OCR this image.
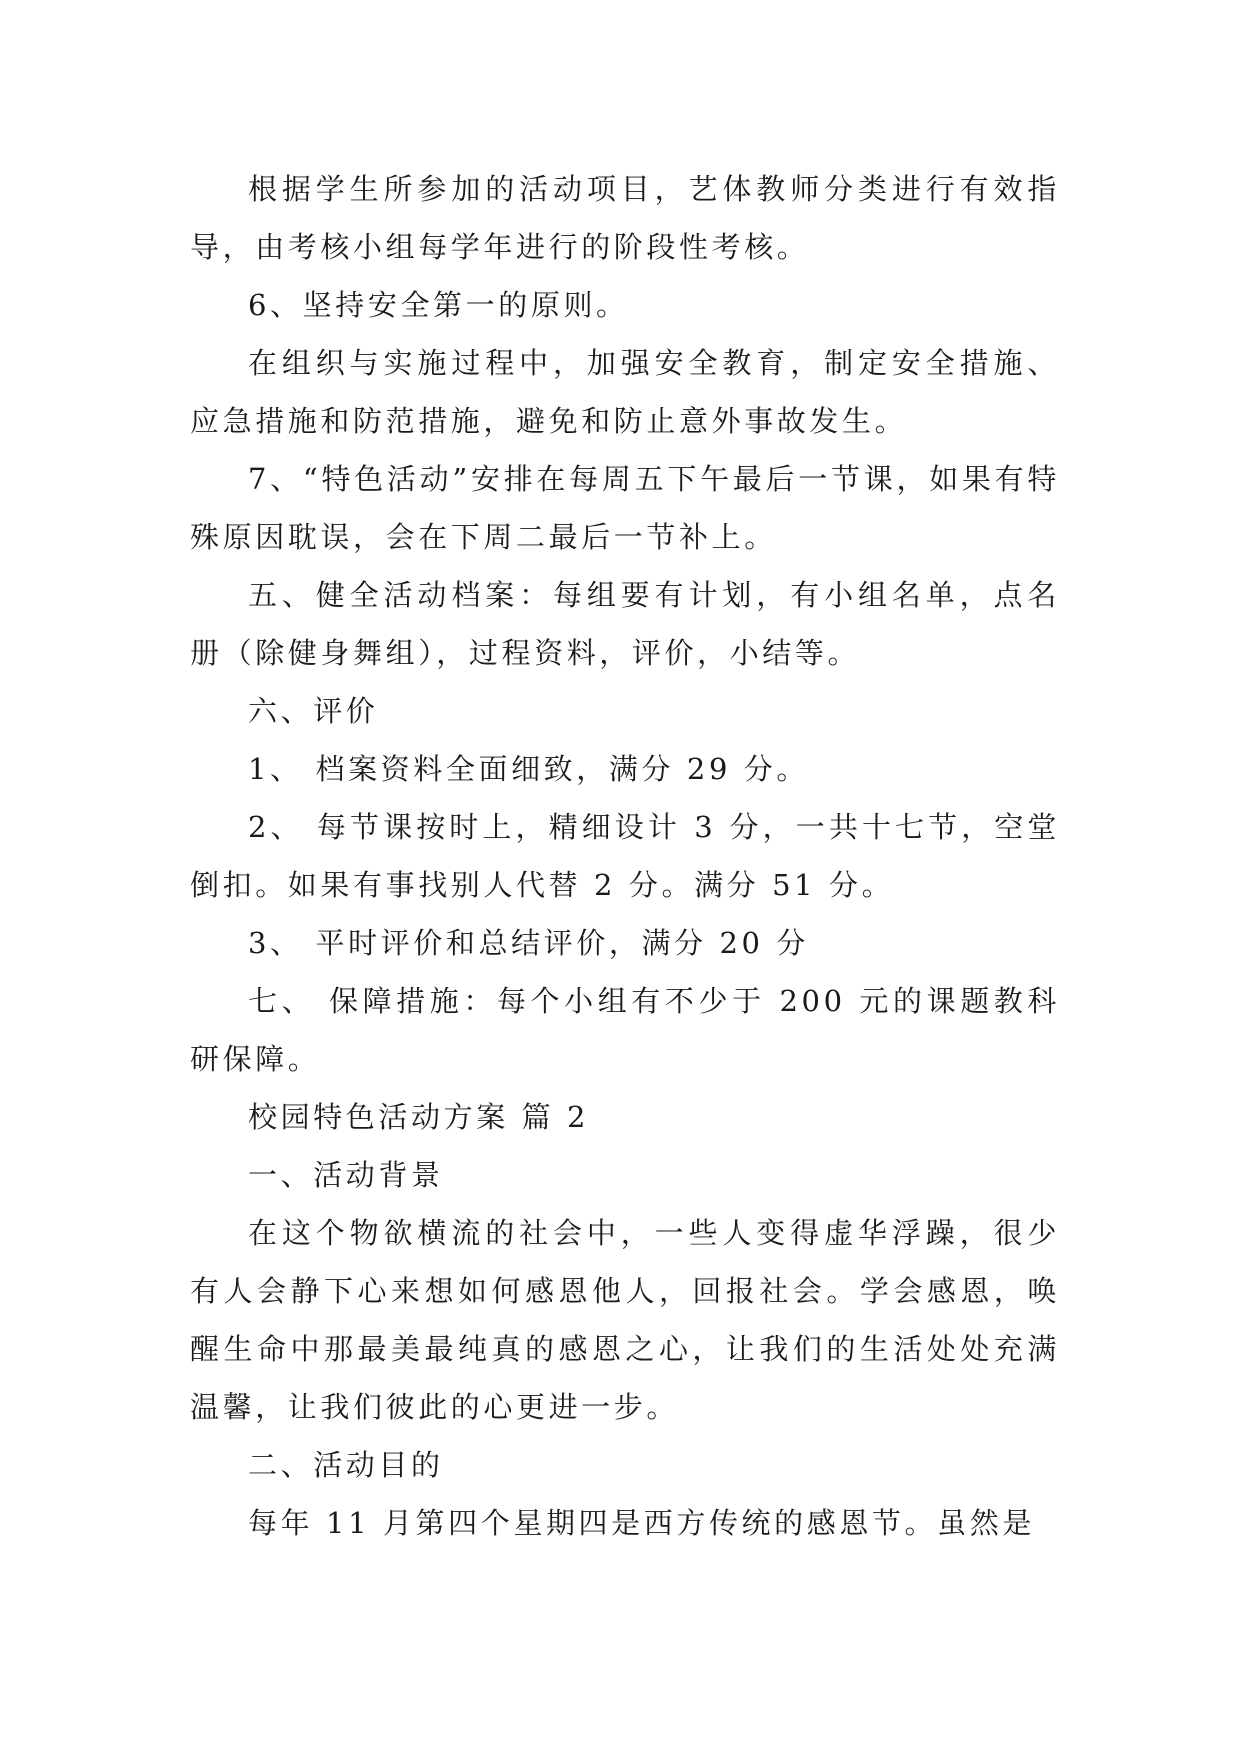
根据学生所参加的活动项目，艺体教师分类进行有效指导，由考核小组每学年进行的阶段性考核。

6、坚持安全第一的原则。

在组织与实施过程中，加强安全教育，制定安全措施、应急措施和防范措施，避免和防止意外事故发生。

7、“特色活动”安排在每周五下午最后一节课，如果有特殊原因耽误，会在下周二最后一节补上。

五、健全活动档案：每组要有计划，有小组名单，点名册（除健身舞组），过程资料，评价，小结等。

六、评价

1、 档案资料全面细致，满分 29 分。

2、 每节课按时上，精细设计 3 分，一共十七节，空堂倒扣。如果有事找别人代替 2 分。满分 51 分。

3、 平时评价和总结评价，满分 20 分

七、 保障措施：每个小组有不少于 200 元的课题教科研保障。

校园特色活动方案 篇 2

一、活动背景

在这个物欲横流的社会中，一些人变得虚华浮躁，很少有人会静下心来想如何感恩他人，回报社会。学会感恩，唤醒生命中那最美最纯真的感恩之心，让我们的生活处处充满温馨，让我们彼此的心更进一步。

二、活动目的

每年 11 月第四个星期四是西方传统的感恩节。虽然是
